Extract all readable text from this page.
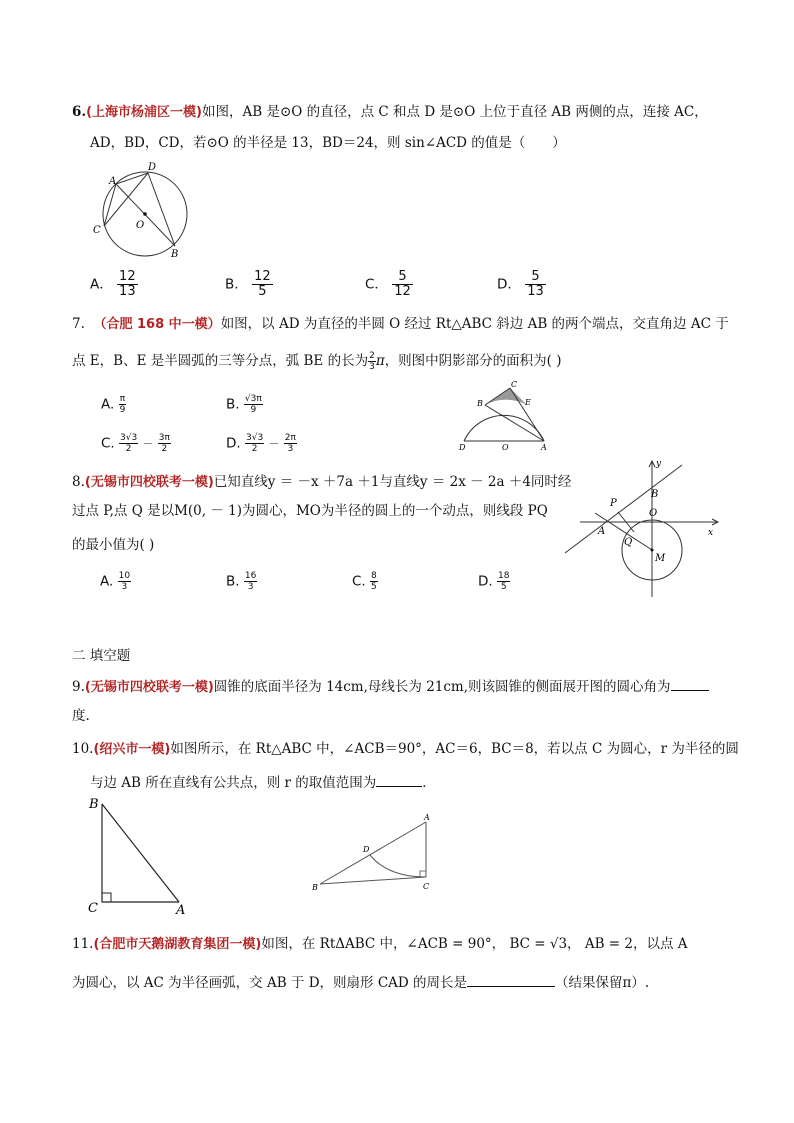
6.(上海市杨浦区一模)如图，AB 是⊙O 的直径，点 C 和点 D 是⊙O 上位于直径 AB 两侧的点，连接 AC，
AD，BD，CD，若⊙O 的半径是 13，BD＝24，则 sin∠ACD 的值是（　　）
A
D
C	O
B
A． $\frac{12}{13}$	B． $\frac{12}{5}$	C． $\frac{5}{12}$	D． $\frac{5}{13}$
7. （合肥 168 中一模）如图，以 AD 为直径的半圆 O 经过 Rt△ABC 斜边 AB 的两个端点，交直角边 AC 于
点 E，B、E 是半圆弧的三等分点，弧 BE 的长为 $\frac{2}{3}$ π，则图中阴影部分的面积为( )
A. $\frac{\pi}{9}$	B. $\frac{√3\pi}{9}$
C. $\frac{3√3}{2} - \frac{3\pi}{2}$	D. $\frac{3√3}{2} - \frac{2\pi}{3}$
C
B	E
D	O	A
8.(无锡市四校联考一模)已知直线y ＝ －x ＋7a ＋1与直线y ＝ 2x － 2a ＋4同时经
过点 P,点 Q 是以M(0, － 1)为圆心，MO为半径的圆上的一个动点，则线段 PQ
的最小值为( )
y
x
P
B
A
O
Q
M
A. $\frac{10}{3}$	B. $\frac{16}{3}$	C. $\frac{8}{5}$	D. $\frac{18}{5}$
二 填空题
9.(无锡市四校联考一模)圆锥的底面半径为 14cm,母线长为 21cm,则该圆锥的侧面展开图的圆心角为
度.
10.(绍兴市一模)如图所示，在 Rt△ABC 中，∠ACB＝90°，AC＝6，BC＝8，若以点 C 为圆心，r 为半径的圆
与边 AB 所在直线有公共点，则 r 的取值范围为	．
B
C	A
A
B	C
D
11.(合肥市天鹅湖教育集团一模)如图，在 RtΔABC 中，∠ACB = 90°， BC = √3， AB = 2，以点 A
为圆心，以 AC 为半径画弧，交 AB 于 D，则扇形 CAD 的周长是	（结果保留π）.
